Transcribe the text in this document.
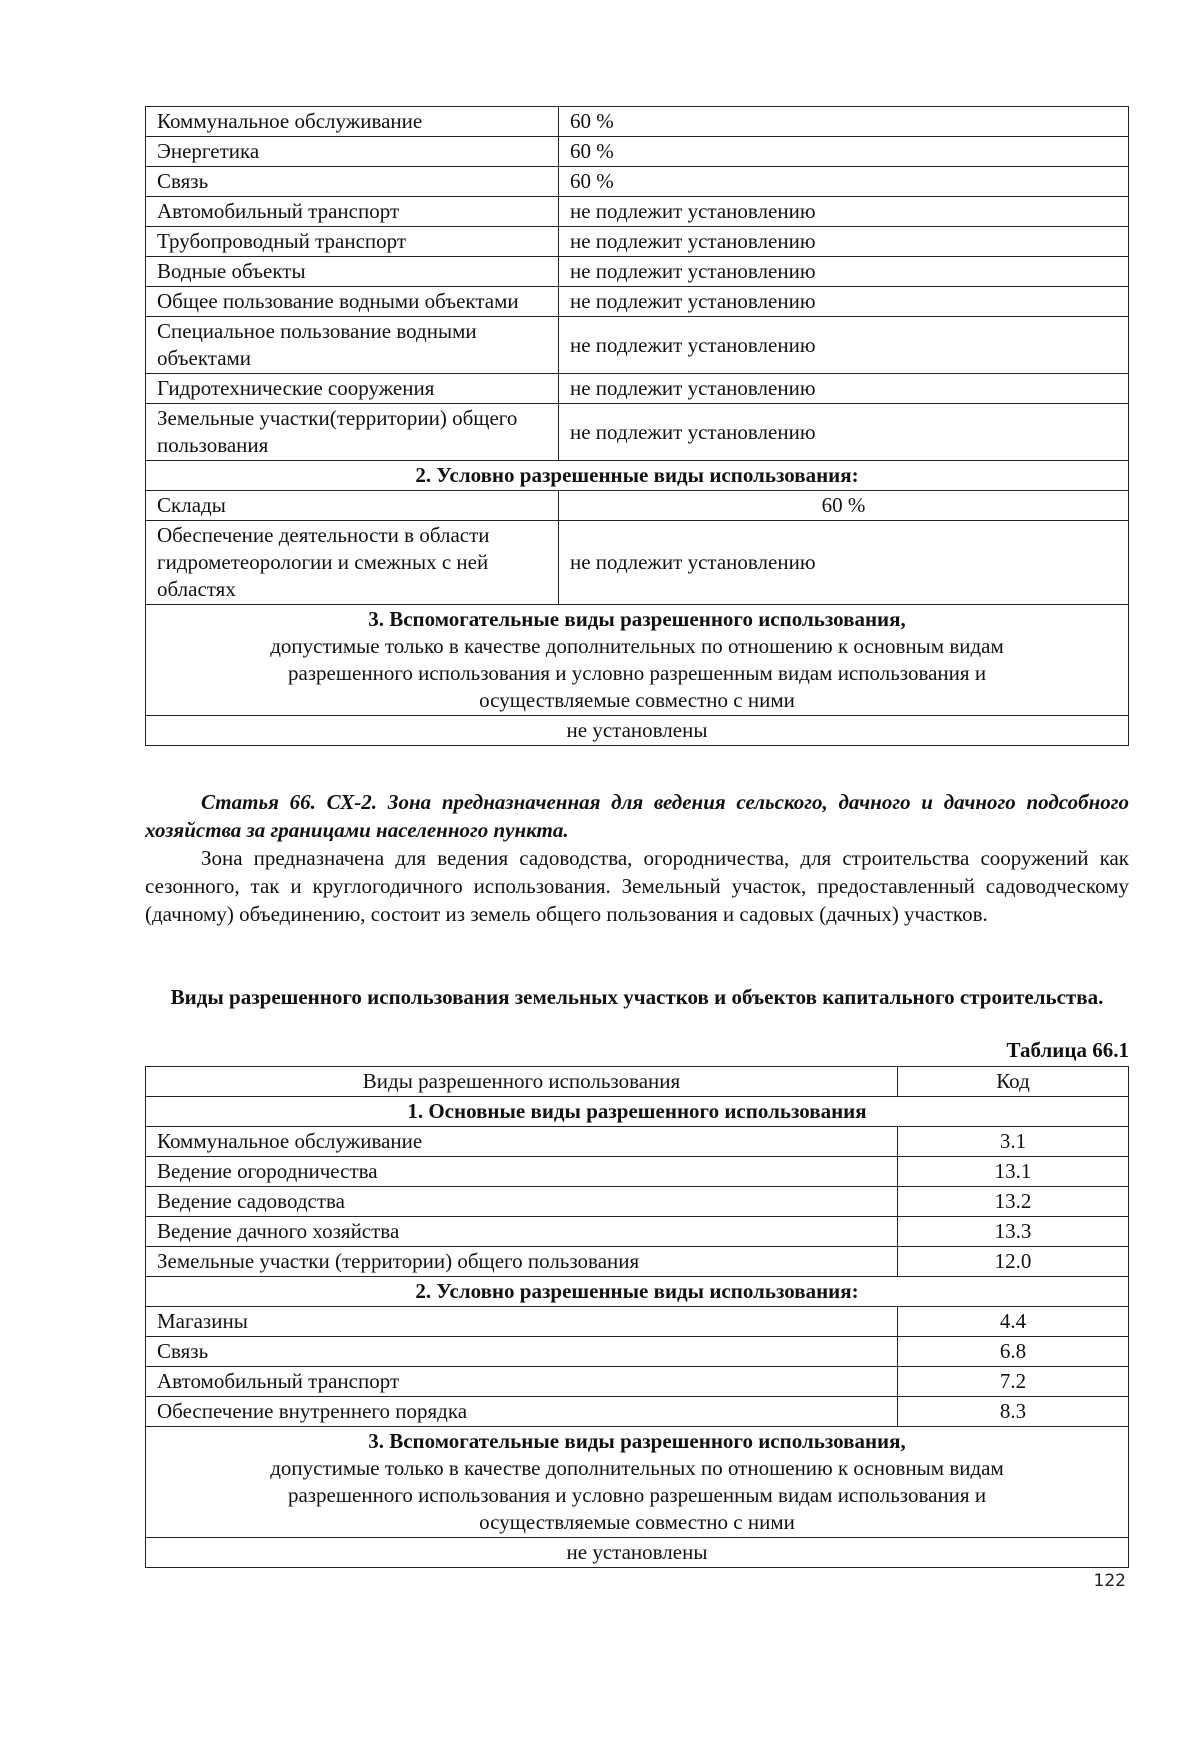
Коммунальное обслуживание	60 %
Энергетика	60 %
Связь	60 %
Автомобильный транспорт	не подлежит установлению
Трубопроводный транспорт	не подлежит установлению
Водные объекты	не подлежит установлению
Общее пользование водными объектами	не подлежит установлению
Специальное пользование водными объектами	не подлежит установлению
Гидротехнические сооружения	не подлежит установлению
Земельные участки(территории) общего пользования	не подлежит установлению
2. Условно разрешенные виды использования:	
Склады	60 %
Обеспечение деятельности в области гидрометеорологии и смежных с ней областях	не подлежит установлению

3. Вспомогательные виды разрешенного использования,
допустимые только в качестве дополнительных по отношению к основным видам разрешенного использования и условно разрешенным видам использования и осуществляемые совместно с ними	

не установлены	
Статья 66. СХ-2. Зона предназначенная для ведения сельского, дачного и дачного подсобного хозяйства за границами населенного пункта.
Зона предназначена для ведения садоводства, огородничества, для строительства сооружений как сезонного, так и круглогодичного использования. Земельный участок, предоставленный садоводческому (дачному) объединению, состоит из земель общего пользования и садовых (дачных) участков.
Виды разрешенного использования земельных участков и объектов капитального строительства.
Таблица 66.1
Виды разрешенного использования	Код
1. Основные виды разрешенного использования	
Коммунальное обслуживание	3.1
Ведение огородничества	13.1
Ведение садоводства	13.2
Ведение дачного хозяйства	13.3
Земельные участки (территории) общего пользования	12.0
2. Условно разрешенные виды использования:	
Магазины	4.4
Связь	6.8
Автомобильный транспорт	7.2
Обеспечение внутреннего порядка	8.3

3. Вспомогательные виды разрешенного использования,
допустимые только в качестве дополнительных по отношению к основным видам разрешенного использования и условно разрешенным видам использования и осуществляемые совместно с ними	

не установлены	
122
